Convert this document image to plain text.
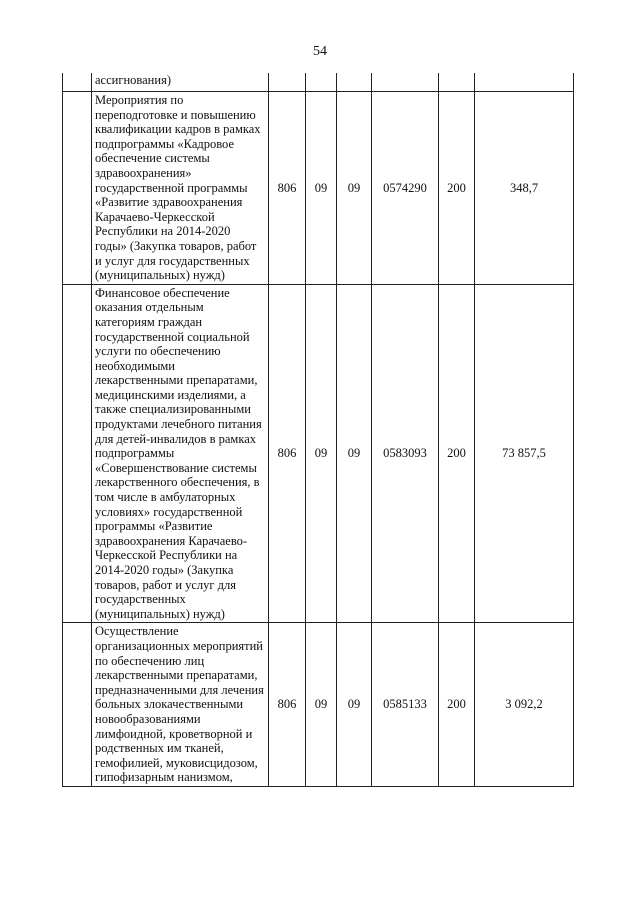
54
	ассигнования)						
	Мероприятия по переподготовке и повышению квалификации кадров в рамках подпрограммы «Кадровое обеспечение системы здравоохранения» государственной программы «Развитие здравоохранения Карачаево-Черкесской Республики на 2014-2020 годы» (Закупка товаров, работ и услуг для государственных (муниципальных) нужд)	806	09	09	0574290	200	348,7
	Финансовое обеспечение оказания отдельным категориям граждан государственной социальной услуги по обеспечению необходимыми лекарственными препаратами, медицинскими изделиями, а также специализированными продуктами лечебного питания для детей-инвалидов в рамках подпрограммы «Совершенствование системы лекарственного обеспечения, в том числе в амбулаторных условиях» государственной программы «Развитие здравоохранения Карачаево-Черкесской Республики на 2014-2020 годы» (Закупка товаров, работ и услуг для государственных (муниципальных) нужд)	806	09	09	0583093	200	73 857,5
	Осуществление организационных мероприятий по обеспечению лиц лекарственными препаратами, предназначенными для лечения больных злокачественными новообразованиями лимфоидной, кроветворной и родственных им тканей, гемофилией, муковисцидозом, гипофизарным нанизмом,	806	09	09	0585133	200	3 092,2
